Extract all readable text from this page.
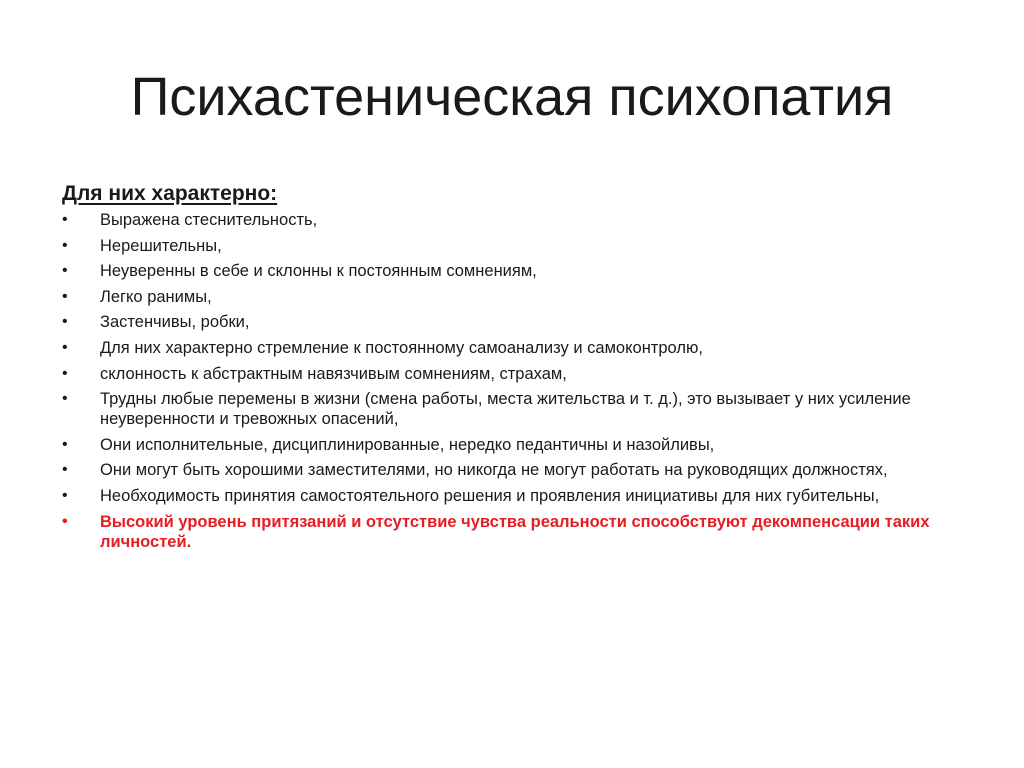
Психастеническая психопатия
Для них характерно:
•	Выражена стеснительность,
•	Нерешительны,
•	Неуверенны в себе и склонны к постоянным сомнениям,
•	Легко ранимы,
•	Застенчивы, робки,
•	Для них характерно стремление к постоянному самоанализу и самоконтролю,
•	склонность к абстрактным навязчивым сомнениям, страхам,
•	Трудны любые перемены в жизни (смена работы, места жительства и т. д.), это вызывает у них усиление неуверенности и тревожных опасений,
•	Они исполнительные, дисциплинированные, нередко педантичны и назойливы,
•	Они могут быть хорошими заместителями, но никогда не могут работать на руководящих должностях,
•	Необходимость принятия самостоятельного решения и проявления инициативы для них губительны,
•	Высокий уровень притязаний и отсутствие чувства реальности способствуют декомпенсации таких личностей.
